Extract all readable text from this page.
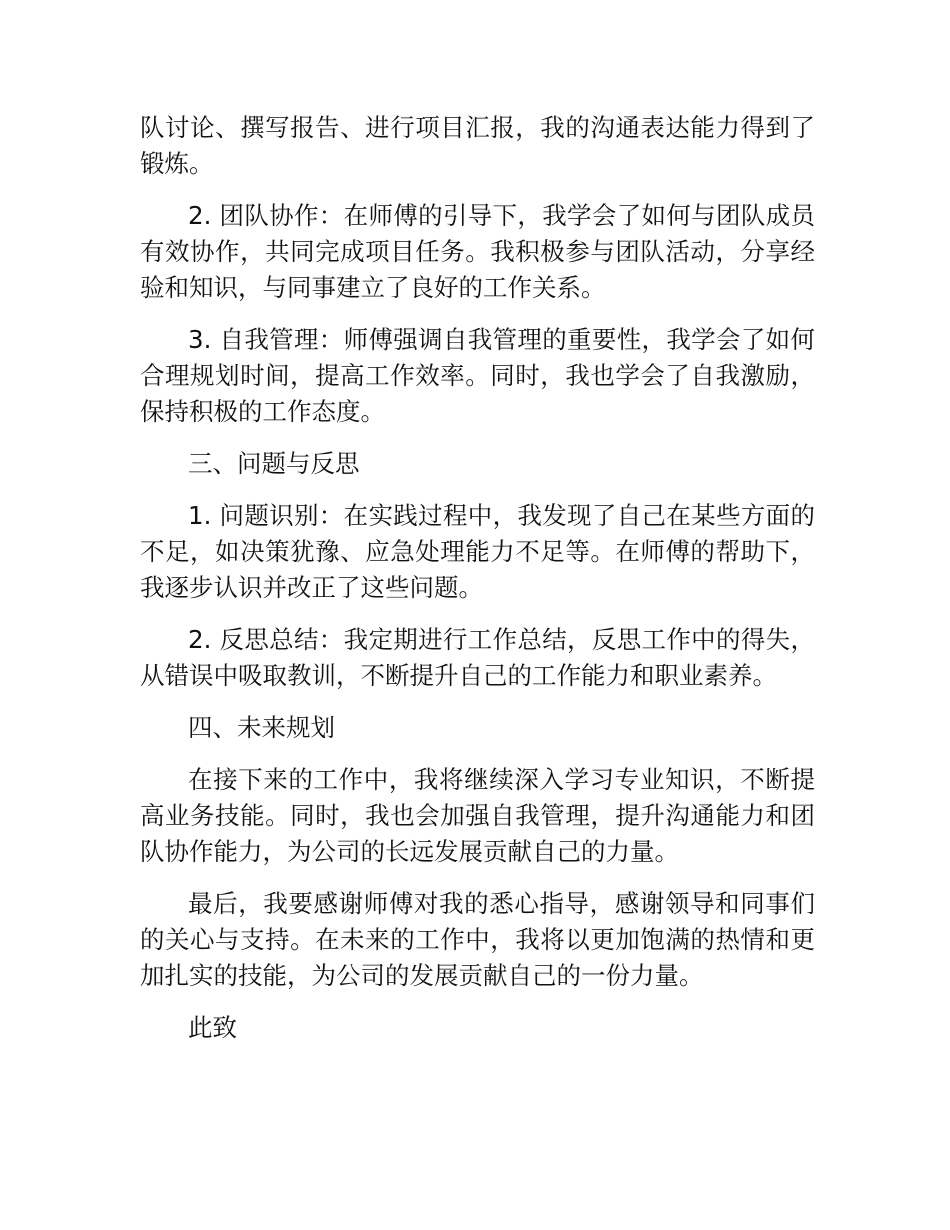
队讨论、撰写报告、进行项目汇报，我的沟通表达能力得到了锻炼。

2. 团队协作：在师傅的引导下，我学会了如何与团队成员有效协作，共同完成项目任务。我积极参与团队活动，分享经验和知识，与同事建立了良好的工作关系。

3. 自我管理：师傅强调自我管理的重要性，我学会了如何合理规划时间，提高工作效率。同时，我也学会了自我激励，保持积极的工作态度。

三、问题与反思

1. 问题识别：在实践过程中，我发现了自己在某些方面的不足，如决策犹豫、应急处理能力不足等。在师傅的帮助下，我逐步认识并改正了这些问题。

2. 反思总结：我定期进行工作总结，反思工作中的得失，从错误中吸取教训，不断提升自己的工作能力和职业素养。

四、未来规划

在接下来的工作中，我将继续深入学习专业知识，不断提高业务技能。同时，我也会加强自我管理，提升沟通能力和团队协作能力，为公司的长远发展贡献自己的力量。

最后，我要感谢师傅对我的悉心指导，感谢领导和同事们的关心与支持。在未来的工作中，我将以更加饱满的热情和更加扎实的技能，为公司的发展贡献自己的一份力量。

此致
